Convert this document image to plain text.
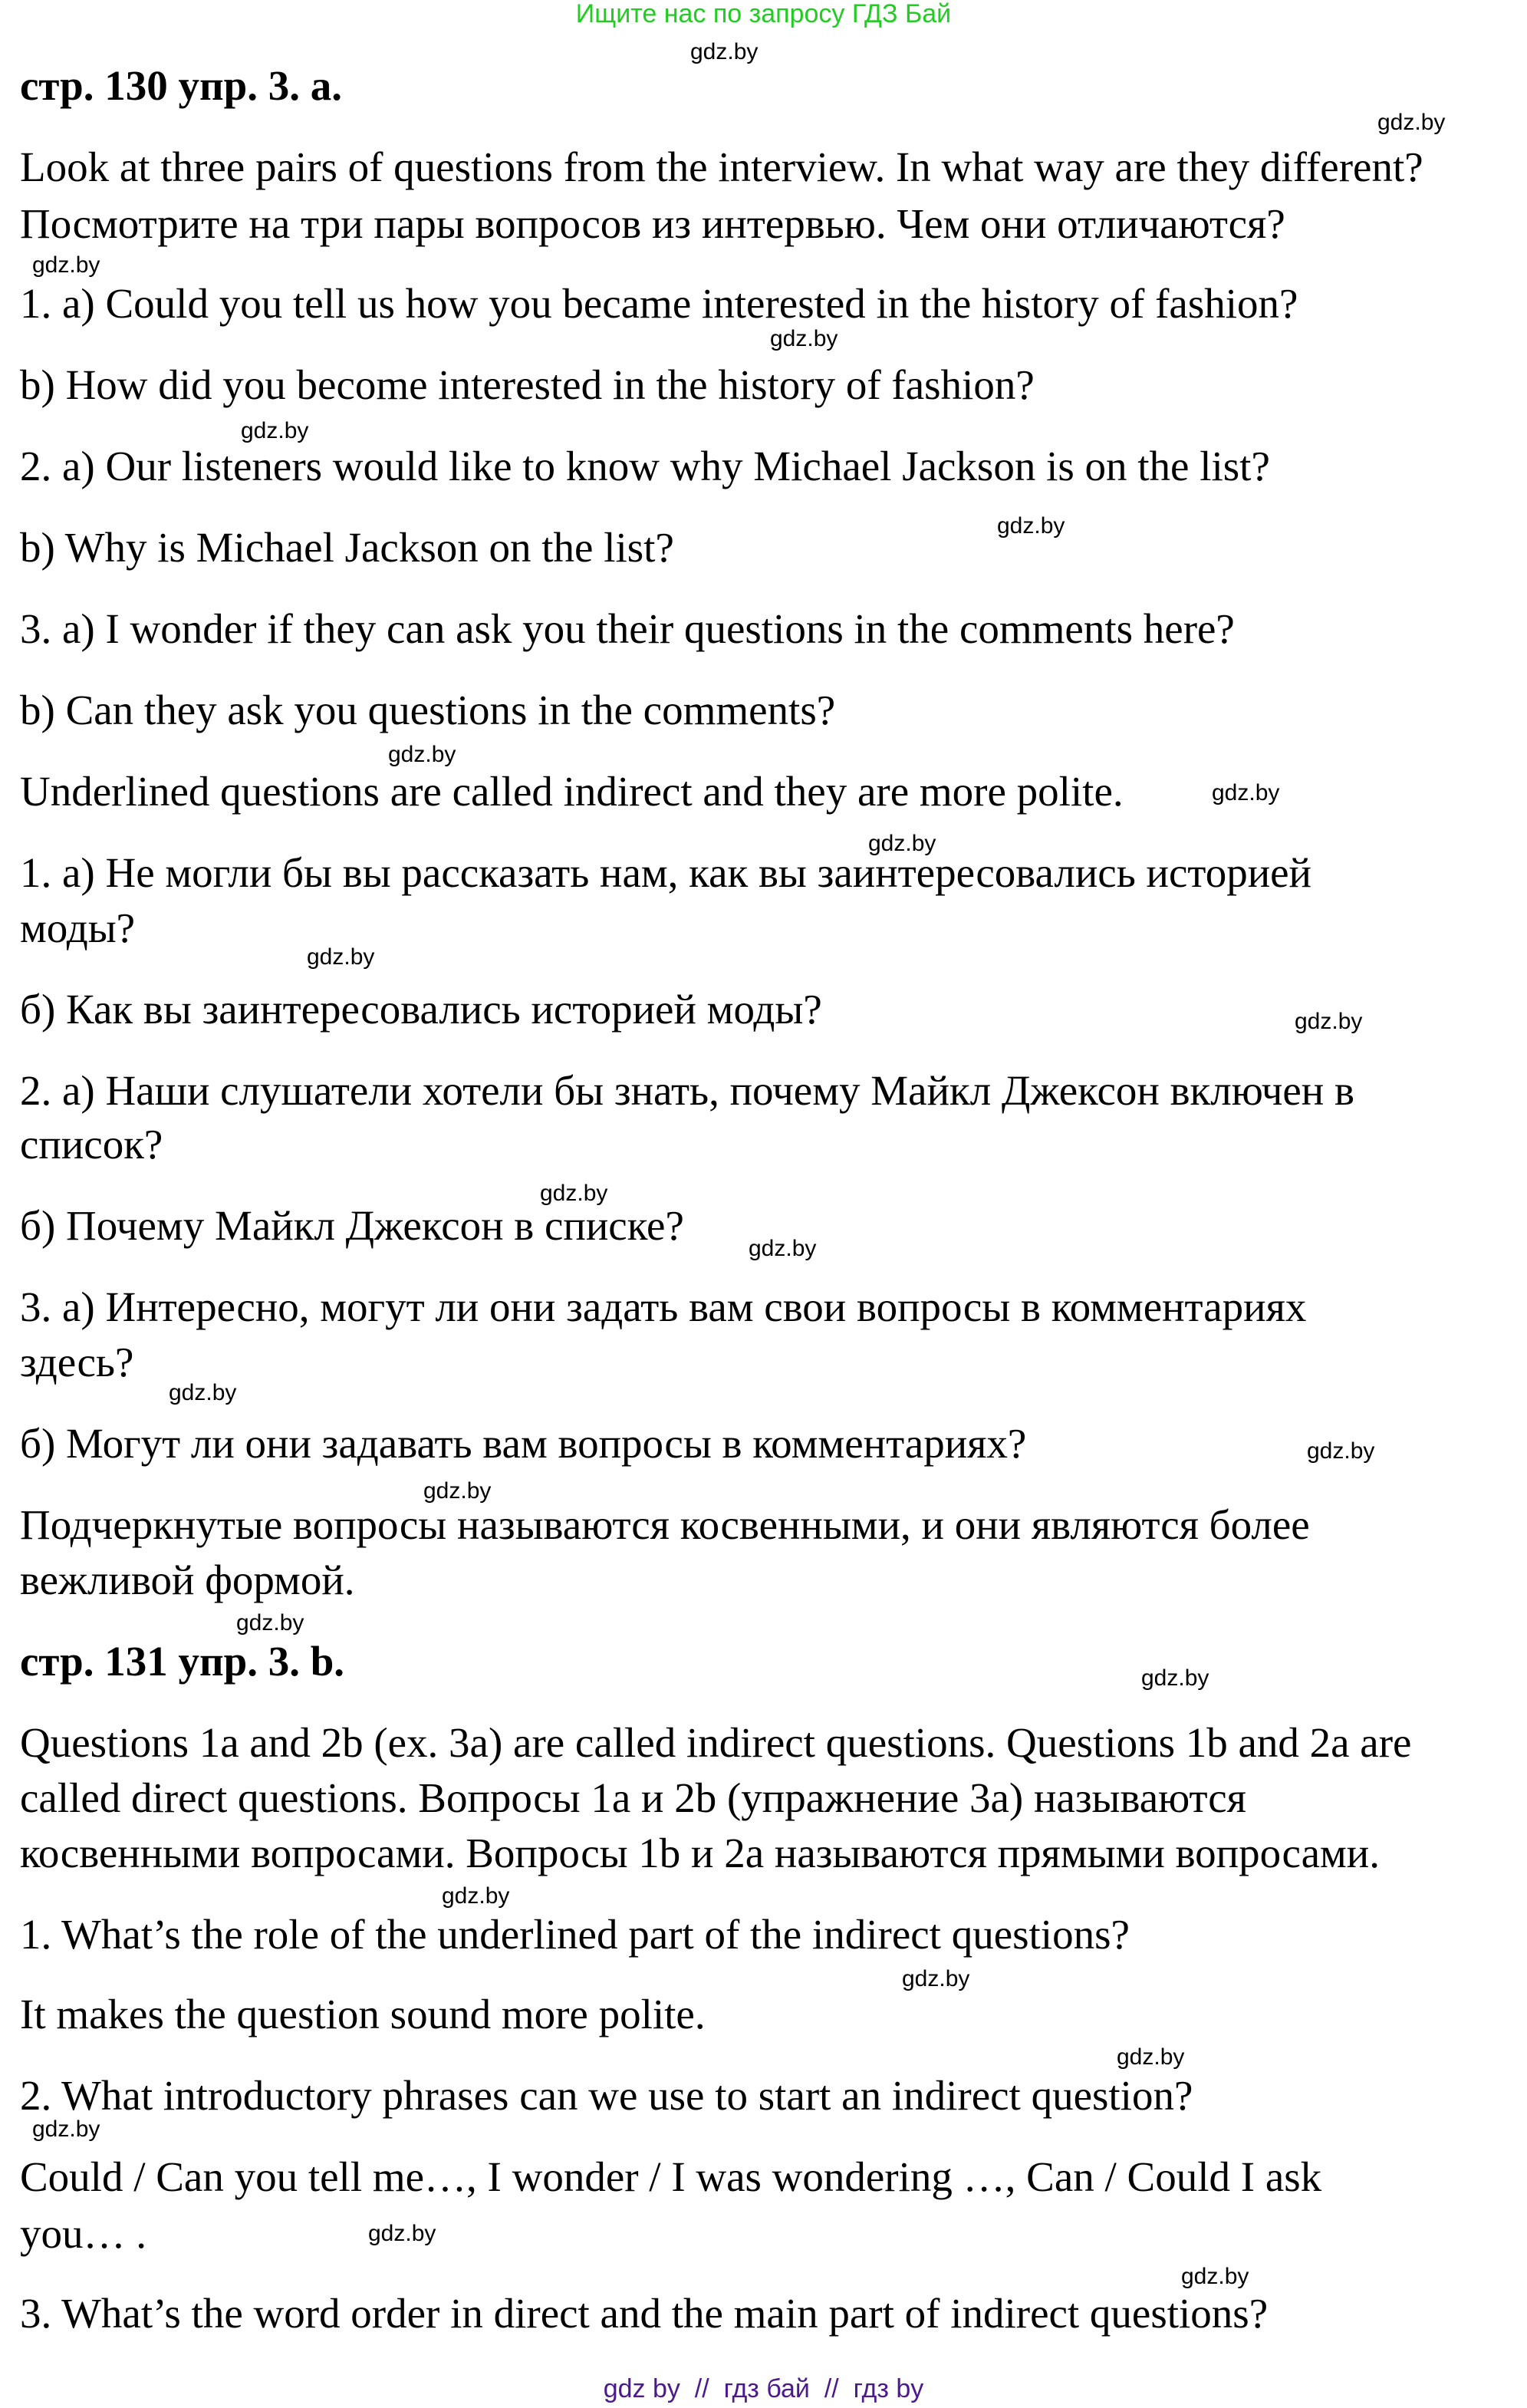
Ищите нас по запросу ГДЗ Бай
gdz.by
стр. 130 упр. 3. a.
gdz.by
Look at three pairs of questions from the interview. In what way are they different?
Посмотрите на три пары вопросов из интервью. Чем они отличаются?
gdz.by
1. a) Could you tell us how you became interested in the history of fashion?
gdz.by
b) How did you become interested in the history of fashion?
gdz.by
2. a) Our listeners would like to know why Michael Jackson is on the list?
gdz.by
b) Why is Michael Jackson on the list?
3. a) I wonder if they can ask you their questions in the comments here?
b) Can they ask you questions in the comments?
gdz.by
Underlined questions are called indirect and they are more polite.	gdz.by
gdz.by
1. а) Не могли бы вы рассказать нам, как вы заинтересовались историей
моды?
gdz.by
б) Как вы заинтересовались историей моды?	gdz.by
2. а) Наши слушатели хотели бы знать, почему Майкл Джексон включен в
список?
gdz.by
б) Почему Майкл Джексон в списке?	gdz.by
3. а) Интересно, могут ли они задать вам свои вопросы в комментариях
здесь?
gdz.by
б) Могут ли они задавать вам вопросы в комментариях?	gdz.by
gdz.by
Подчеркнутые вопросы называются косвенными, и они являются более
вежливой формой.
gdz.by
стр. 131 упр. 3. b.	gdz.by
Questions 1a and 2b (ex. 3a) are called indirect questions. Questions 1b and 2a are
called direct questions. Вопросы 1a и 2b (упражнение 3a) называются
косвенными вопросами. Вопросы 1b и 2a называются прямыми вопросами.
gdz.by
1. What’s the role of the underlined part of the indirect questions?
gdz.by
It makes the question sound more polite.
gdz.by
2. What introductory phrases can we use to start an indirect question?
gdz.by
Could / Can you tell me…, I wonder / I was wondering …, Can / Could I ask
you… .	gdz.by
gdz.by
3. What’s the word order in direct and the main part of indirect questions?
gdz by  //  гдз бай  //  гдз by
